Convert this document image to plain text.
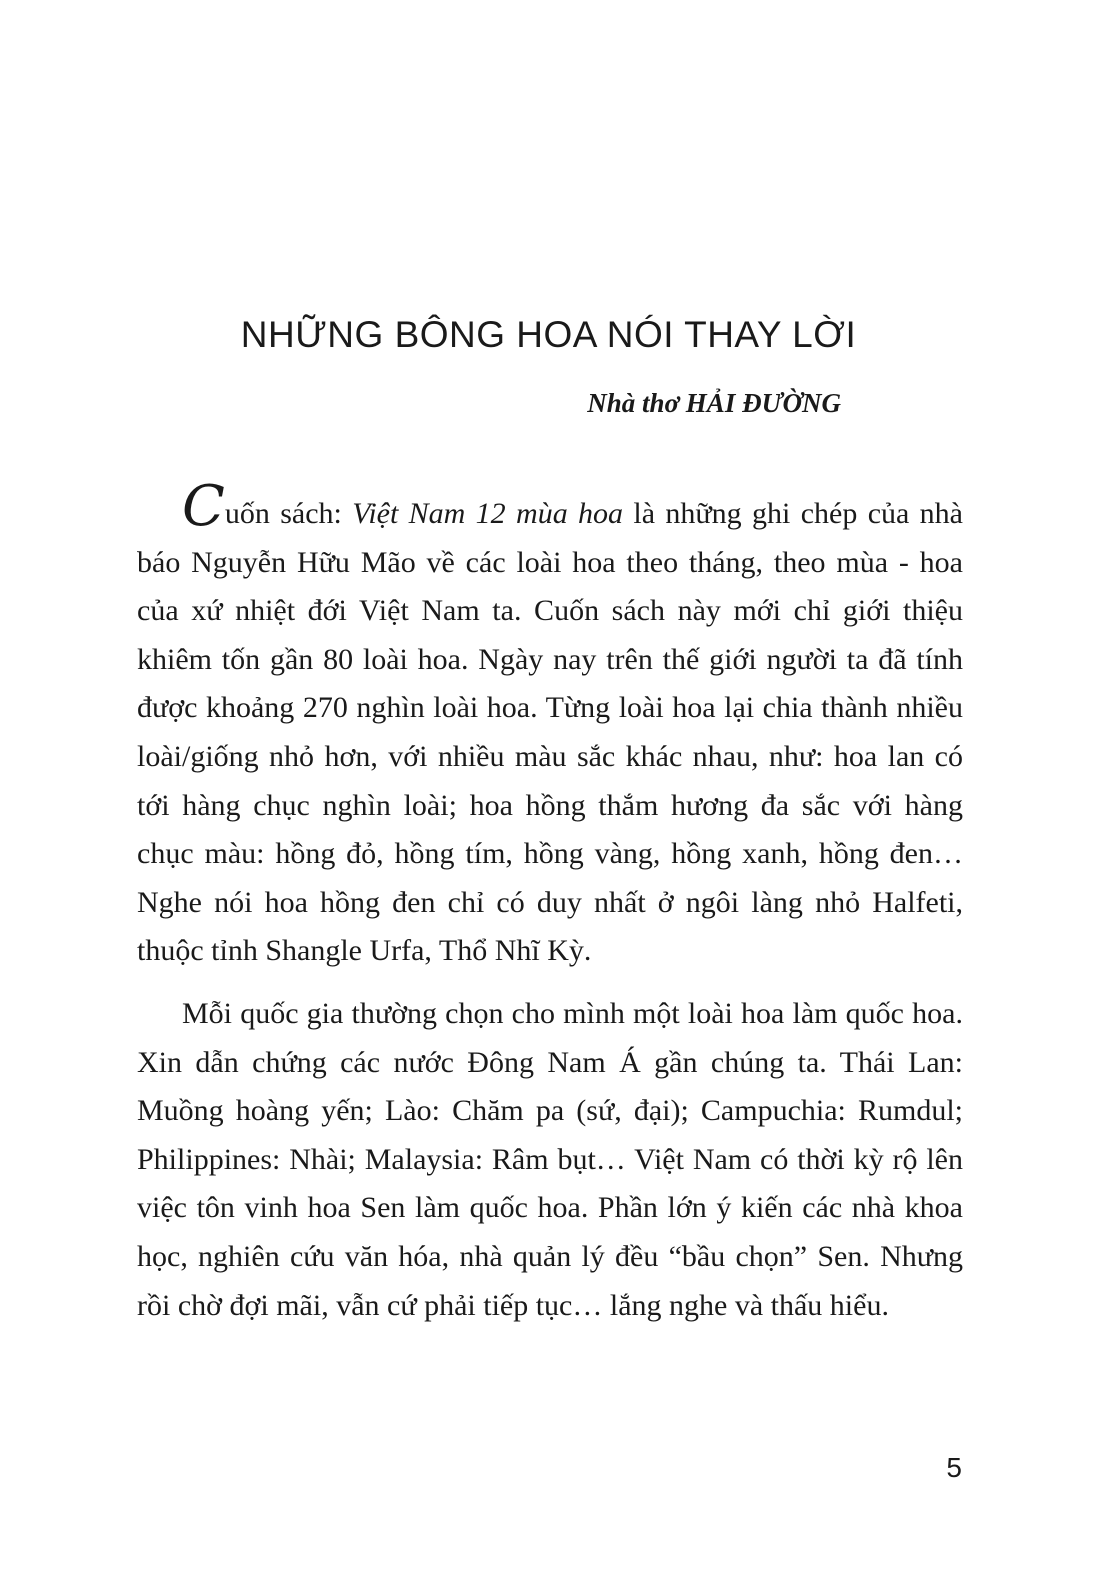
NHỮNG BÔNG HOA NÓI THAY LỜI

Nhà thơ HẢI ĐƯỜNG

Cuốn sách: Việt Nam 12 mùa hoa là những ghi chép của nhà báo Nguyễn Hữu Mão về các loài hoa theo tháng, theo mùa - hoa của xứ nhiệt đới Việt Nam ta. Cuốn sách này mới chỉ giới thiệu khiêm tốn gần 80 loài hoa. Ngày nay trên thế giới người ta đã tính được khoảng 270 nghìn loài hoa. Từng loài hoa lại chia thành nhiều loài/giống nhỏ hơn, với nhiều màu sắc khác nhau, như: hoa lan có tới hàng chục nghìn loài; hoa hồng thắm hương đa sắc với hàng chục màu: hồng đỏ, hồng tím, hồng vàng, hồng xanh, hồng đen… Nghe nói hoa hồng đen chỉ có duy nhất ở ngôi làng nhỏ Halfeti, thuộc tỉnh Shangle Urfa, Thổ Nhĩ Kỳ.

Mỗi quốc gia thường chọn cho mình một loài hoa làm quốc hoa. Xin dẫn chứng các nước Đông Nam Á gần chúng ta. Thái Lan: Muồng hoàng yến; Lào: Chăm pa (sứ, đại); Campuchia: Rumdul; Philippines: Nhài; Malaysia: Râm bụt… Việt Nam có thời kỳ rộ lên việc tôn vinh hoa Sen làm quốc hoa. Phần lớn ý kiến các nhà khoa học, nghiên cứu văn hóa, nhà quản lý đều “bầu chọn” Sen. Nhưng rồi chờ đợi mãi, vẫn cứ phải tiếp tục… lắng nghe và thấu hiểu.

5
